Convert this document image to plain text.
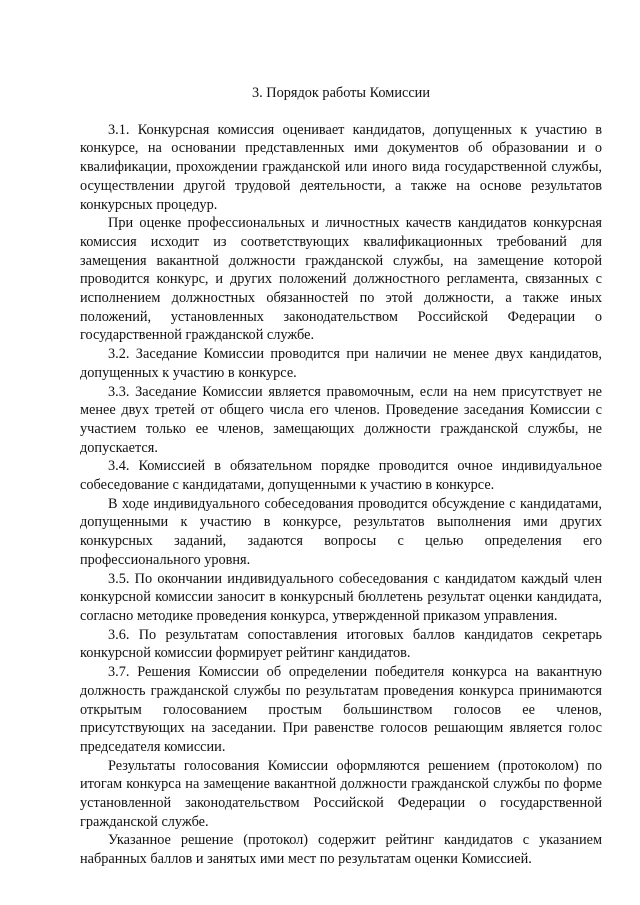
3. Порядок работы Комиссии

3.1. Конкурсная комиссия оценивает кандидатов, допущенных к участию в конкурсе, на основании представленных ими документов об образовании и о квалификации, прохождении гражданской или иного вида государственной службы, осуществлении другой трудовой деятельности, а также на основе результатов конкурсных процедур.

При оценке профессиональных и личностных качеств кандидатов конкурсная комиссия исходит из соответствующих квалификационных требований для замещения вакантной должности гражданской службы, на замещение которой проводится конкурс, и других положений должностного регламента, связанных с исполнением должностных обязанностей по этой должности, а также иных положений, установленных законодательством Российской Федерации о государственной гражданской службе.

3.2. Заседание Комиссии проводится при наличии не менее двух кандидатов, допущенных к участию в конкурсе.

3.3. Заседание Комиссии является правомочным, если на нем присутствует не менее двух третей от общего числа его членов. Проведение заседания Комиссии с участием только ее членов, замещающих должности гражданской службы, не допускается.

3.4. Комиссией в обязательном порядке проводится очное индивидуальное собеседование с кандидатами, допущенными к участию в конкурсе.

В ходе индивидуального собеседования проводится обсуждение с кандидатами, допущенными к участию в конкурсе, результатов выполнения ими других конкурсных заданий, задаются вопросы с целью определения его профессионального уровня.

3.5. По окончании индивидуального собеседования с кандидатом каждый член конкурсной комиссии заносит в конкурсный бюллетень результат оценки кандидата, согласно методике проведения конкурса, утвержденной приказом управления.

3.6. По результатам сопоставления итоговых баллов кандидатов секретарь конкурсной комиссии формирует рейтинг кандидатов.

3.7. Решения Комиссии об определении победителя конкурса на вакантную должность гражданской службы по результатам проведения конкурса принимаются открытым голосованием простым большинством голосов ее членов, присутствующих на заседании. При равенстве голосов решающим является голос председателя комиссии.

Результаты голосования Комиссии оформляются решением (протоколом) по итогам конкурса на замещение вакантной должности гражданской службы по форме установленной законодательством Российской Федерации о государственной гражданской службе.

Указанное решение (протокол) содержит рейтинг кандидатов с указанием набранных баллов и занятых ими мест по результатам оценки Комиссией.
